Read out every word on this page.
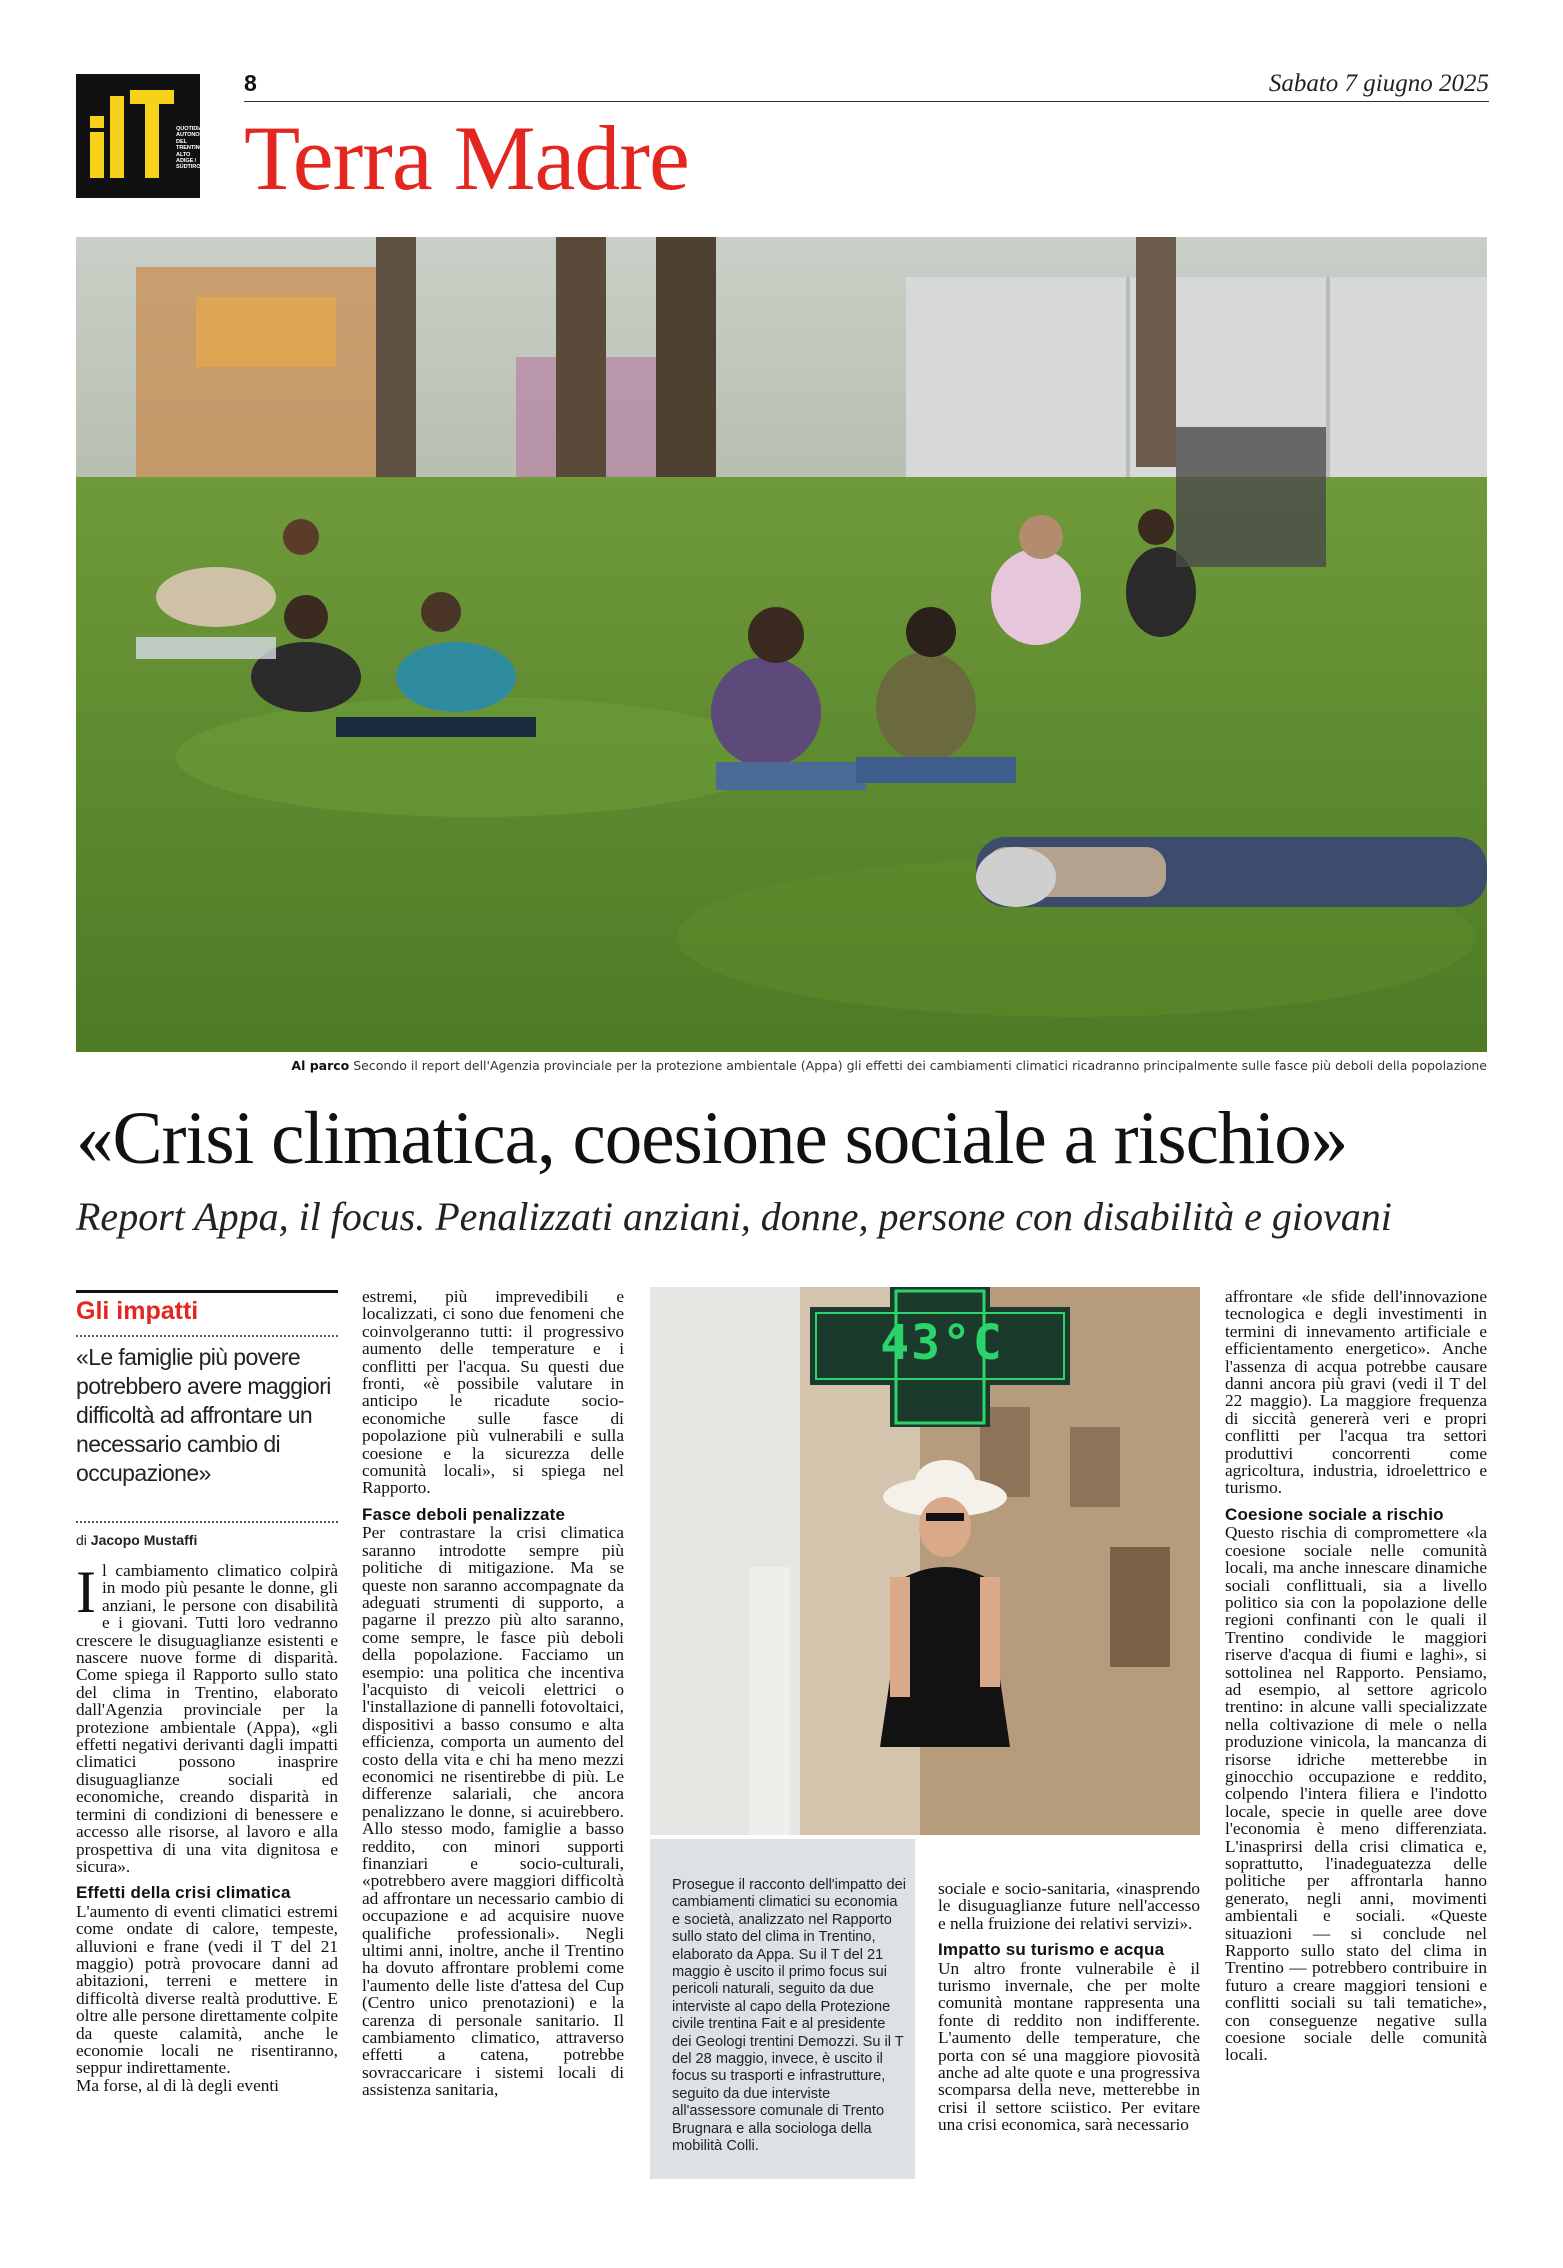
QUOTIDIANO AUTONOMO DEL TRENTINO ALTO ADIGE / SÜDTIROL
8	Sabato 7 giugno 2025
Terra Madre
Al parco Secondo il report dell'Agenzia provinciale per la protezione ambientale (Appa) gli effetti dei cambiamenti climatici ricadranno principalmente sulle fasce più deboli della popolazione
«Crisi climatica, coesione sociale a rischio»
Report Appa, il focus. Penalizzati anziani, donne, persone con disabilità e giovani
Gli impatti
«Le famiglie più povere potrebbero avere maggiori difficoltà ad affrontare un necessario cambio di occupazione»
di Jacopo Mustaffi

Il cambiamento climatico colpirà in modo più pesante le donne, gli anziani, le persone con disabilità e i giovani. Tutti loro vedranno crescere le disuguaglianze esistenti e nascere nuove forme di disparità. Come spiega il Rapporto sullo stato del clima in Trentino, elaborato dall'Agenzia provinciale per la protezione ambientale (Appa), «gli effetti negativi derivanti dagli impatti climatici possono inasprire disuguaglianze sociali ed economiche, creando disparità in termini di condizioni di benessere e accesso alle risorse, al lavoro e alla prospettiva di una vita dignitosa e sicura».

Effetti della crisi climatica

L'aumento di eventi climatici estremi come ondate di calore, tempeste, alluvioni e frane (vedi il T del 21 maggio) potrà provocare danni ad abitazioni, terreni e mettere in difficoltà diverse realtà produttive. E oltre alle persone direttamente colpite da queste calamità, anche le economie locali ne risentiranno, seppur indirettamente.

Ma forse, al di là degli eventi

estremi, più imprevedibili e localizzati, ci sono due fenomeni che coinvolgeranno tutti: il progressivo aumento delle temperature e i conflitti per l'acqua. Su questi due fronti, «è possibile valutare in anticipo le ricadute socio-economiche sulle fasce di popolazione più vulnerabili e sulla coesione e la sicurezza delle comunità locali», si spiega nel Rapporto.

Fasce deboli penalizzate

Per contrastare la crisi climatica saranno introdotte sempre più politiche di mitigazione. Ma se queste non saranno accompagnate da adeguati strumenti di supporto, a pagarne il prezzo più alto saranno, come sempre, le fasce più deboli della popolazione. Facciamo un esempio: una politica che incentiva l'acquisto di veicoli elettrici o l'installazione di pannelli fotovoltaici, dispositivi a basso consumo e alta efficienza, comporta un aumento del costo della vita e chi ha meno mezzi economici ne risentirebbe di più. Le differenze salariali, che ancora penalizzano le donne, si acuirebbero. Allo stesso modo, famiglie a basso reddito, con minori supporti finanziari e socio-culturali, «potrebbero avere maggiori difficoltà ad affrontare un necessario cambio di occupazione e ad acquisire nuove qualifiche professionali». Negli ultimi anni, inoltre, anche il Trentino ha dovuto affrontare problemi come l'aumento delle liste d'attesa del Cup (Centro unico prenotazioni) e la carenza di personale sanitario. Il cambiamento climatico, attraverso effetti a catena, potrebbe sovraccaricare i sistemi locali di assistenza sanitaria,

43°C
Prosegue il racconto dell'impatto dei cambiamenti climatici su economia e società, analizzato nel Rapporto sullo stato del clima in Trentino, elaborato da Appa. Su il T del 21 maggio è uscito il primo focus sui pericoli naturali, seguito da due interviste al capo della Protezione civile trentina Fait e al presidente dei Geologi trentini Demozzi. Su il T del 28 maggio, invece, è uscito il focus su trasporti e infrastrutture, seguito da due interviste all'assessore comunale di Trento Brugnara e alla sociologa della mobilità Colli.

sociale e socio-sanitaria, «inasprendo le disuguaglianze future nell'accesso e nella fruizione dei relativi servizi».

Impatto su turismo e acqua

Un altro fronte vulnerabile è il turismo invernale, che per molte comunità montane rappresenta una fonte di reddito non indifferente. L'aumento delle temperature, che porta con sé una maggiore piovosità anche ad alte quote e una progressiva scomparsa della neve, metterebbe in crisi il settore sciistico. Per evitare una crisi economica, sarà necessario

affrontare «le sfide dell'innovazione tecnologica e degli investimenti in termini di innevamento artificiale e efficientamento energetico». Anche l'assenza di acqua potrebbe causare danni ancora più gravi (vedi il T del 22 maggio). La maggiore frequenza di siccità genererà veri e propri conflitti per l'acqua tra settori produttivi concorrenti come agricoltura, industria, idroelettrico e turismo.

Coesione sociale a rischio

Questo rischia di compromettere «la coesione sociale nelle comunità locali, ma anche innescare dinamiche sociali conflittuali, sia a livello politico sia con la popolazione delle regioni confinanti con le quali il Trentino condivide le maggiori riserve d'acqua di fiumi e laghi», si sottolinea nel Rapporto. Pensiamo, ad esempio, al settore agricolo trentino: in alcune valli specializzate nella coltivazione di mele o nella produzione vinicola, la mancanza di risorse idriche metterebbe in ginocchio occupazione e reddito, colpendo l'intera filiera e l'indotto locale, specie in quelle aree dove l'economia è meno differenziata. L'inasprirsi della crisi climatica e, soprattutto, l'inadeguatezza delle politiche per affrontarla hanno generato, negli anni, movimenti ambientali e sociali. «Queste situazioni — si conclude nel Rapporto sullo stato del clima in Trentino — potrebbero contribuire in futuro a creare maggiori tensioni e conflitti sociali su tali tematiche», con conseguenze negative sulla coesione sociale delle comunità locali.
